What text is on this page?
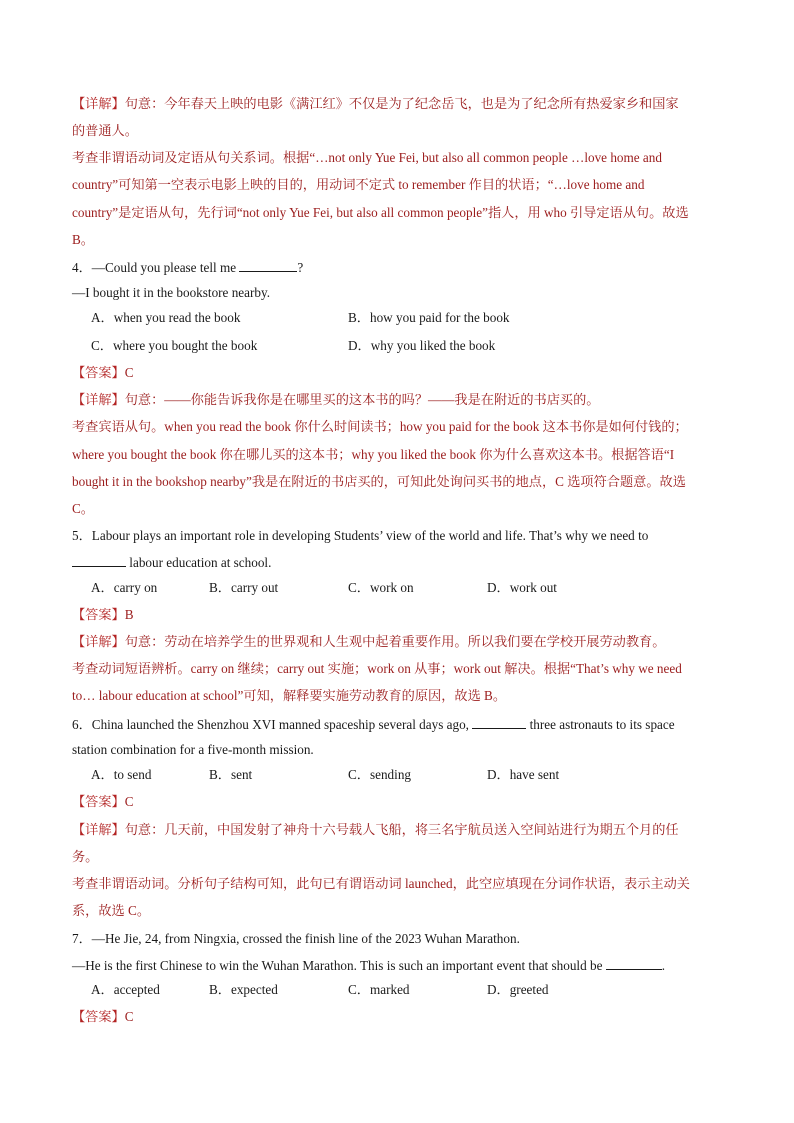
【详解】句意：今年春天上映的电影《满江红》不仅是为了纪念岳飞，也是为了纪念所有热爱家乡和国家
的普通人。
考查非谓语动词及定语从句关系词。根据“…not only Yue Fei, but also all common people …love home and
country”可知第一空表示电影上映的目的，用动词不定式 to remember 作目的状语；“…love home and
country”是定语从句，先行词“not only Yue Fei, but also all common people”指人，用 who 引导定语从句。故选
B。
4．—Could you please tell me	?
—I bought it in the bookstore nearby.
A．when you read the book	B．how you paid for the book
C．where you bought the book	D．why you liked the book
【答案】C
【详解】句意：——你能告诉我你是在哪里买的这本书的吗？——我是在附近的书店买的。
考查宾语从句。when you read the book 你什么时间读书；how you paid for the book 这本书你是如何付钱的；
where you bought the book 你在哪儿买的这本书；why you liked the book 你为什么喜欢这本书。根据答语“I
bought it in the bookshop nearby”我是在附近的书店买的，可知此处询问买书的地点，C 选项符合题意。故选
C。
5．Labour plays an important role in developing Students’ view of the world and life. That’s why we need to
labour education at school.
A．carry on	B．carry out	C．work on	D．work out
【答案】B
【详解】句意：劳动在培养学生的世界观和人生观中起着重要作用。所以我们要在学校开展劳动教育。
考查动词短语辨析。carry on 继续；carry out 实施；work on 从事；work out 解决。根据“That’s why we need
to… labour education at school”可知，解释要实施劳动教育的原因，故选 B。
6．China launched the Shenzhou XVI manned spaceship several days ago,	three astronauts to its space
station combination for a five-month mission.
A．to send	B．sent	C．sending	D．have sent
【答案】C
【详解】句意：几天前，中国发射了神舟十六号载人飞船，将三名宇航员送入空间站进行为期五个月的任
务。
考查非谓语动词。分析句子结构可知，此句已有谓语动词 launched，此空应填现在分词作状语，表示主动关
系，故选 C。
7．—He Jie, 24, from Ningxia, crossed the finish line of the 2023 Wuhan Marathon.
—He is the first Chinese to win the Wuhan Marathon. This is such an important event that should be	.
A．accepted	B．expected	C．marked	D．greeted
【答案】C
